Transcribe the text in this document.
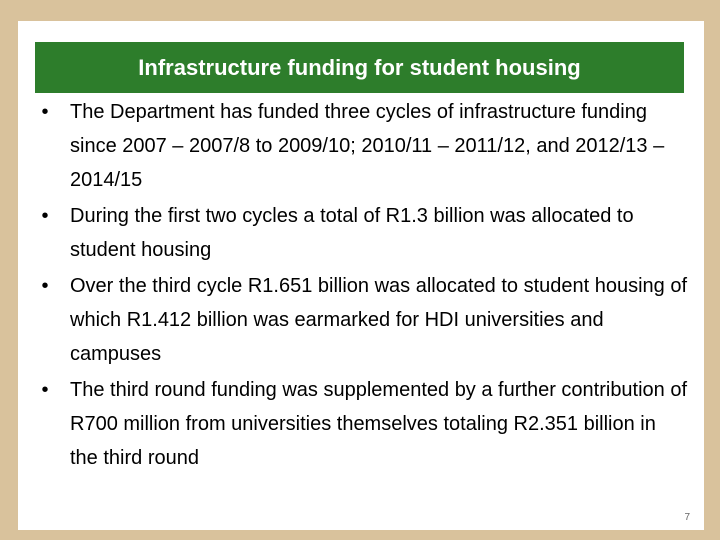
Infrastructure funding for student housing
•	The Department has funded three cycles of infrastructure funding since 2007 – 2007/8 to 2009/10; 2010/11 – 2011/12, and 2012/13 – 2014/15
•	During the first two cycles a total of R1.3 billion was allocated to student housing
•	Over the third cycle R1.651 billion was allocated to student housing of which R1.412 billion was earmarked for HDI universities and campuses
•	The third round funding was supplemented by a further contribution of R700 million from universities themselves totaling R2.351 billion in the third round
7
